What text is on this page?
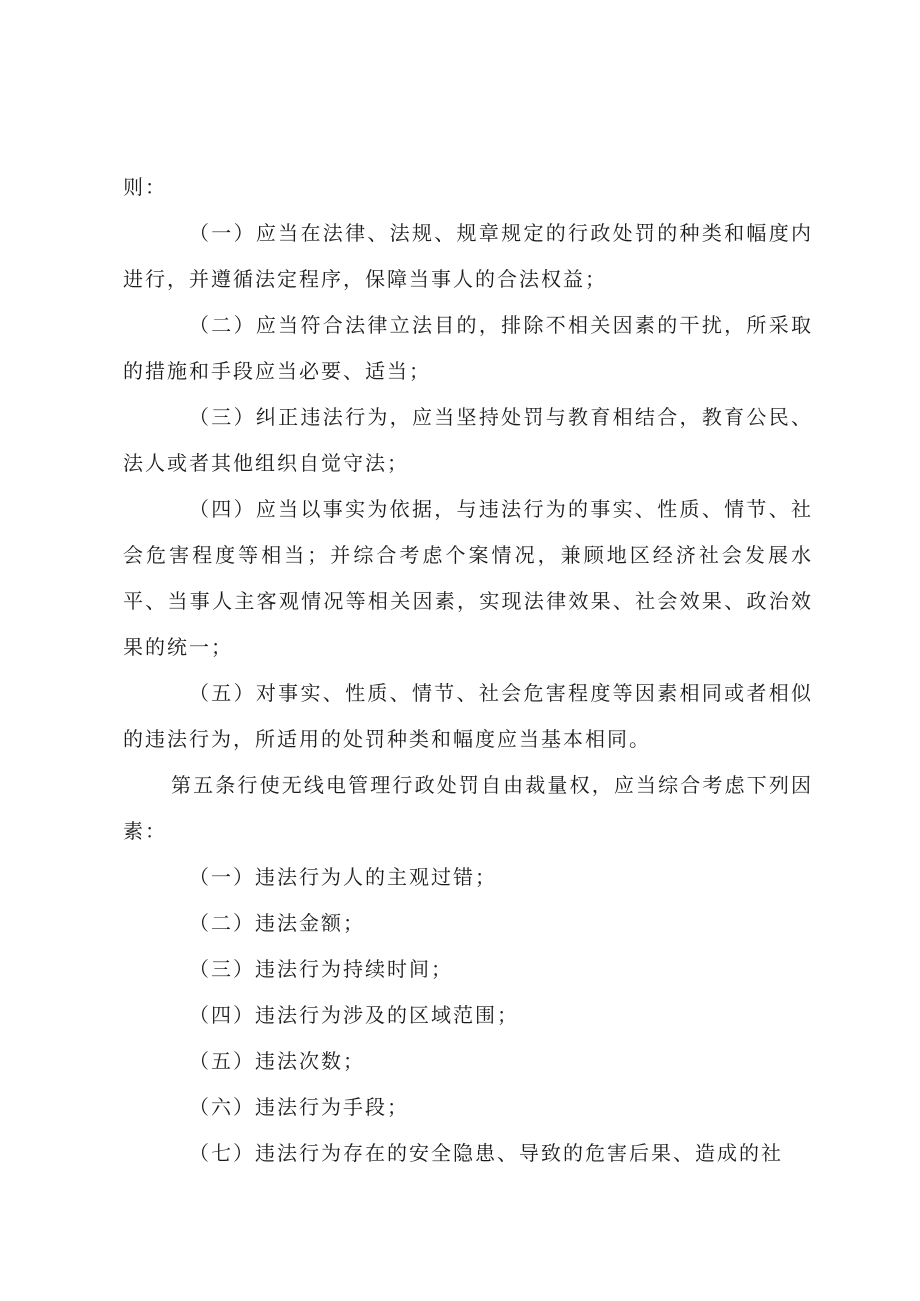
则：

（一）应当在法律、法规、规章规定的行政处罚的种类和幅度内进行，并遵循法定程序，保障当事人的合法权益；

（二）应当符合法律立法目的，排除不相关因素的干扰，所采取的措施和手段应当必要、适当；

（三）纠正违法行为，应当坚持处罚与教育相结合，教育公民、法人或者其他组织自觉守法；

（四）应当以事实为依据，与违法行为的事实、性质、情节、社会危害程度等相当；并综合考虑个案情况，兼顾地区经济社会发展水平、当事人主客观情况等相关因素，实现法律效果、社会效果、政治效果的统一；

（五）对事实、性质、情节、社会危害程度等因素相同或者相似的违法行为，所适用的处罚种类和幅度应当基本相同。

第五条行使无线电管理行政处罚自由裁量权，应当综合考虑下列因素：

（一）违法行为人的主观过错；

（二）违法金额；

（三）违法行为持续时间；

（四）违法行为涉及的区域范围；

（五）违法次数；

（六）违法行为手段；

（七）违法行为存在的安全隐患、导致的危害后果、造成的社
